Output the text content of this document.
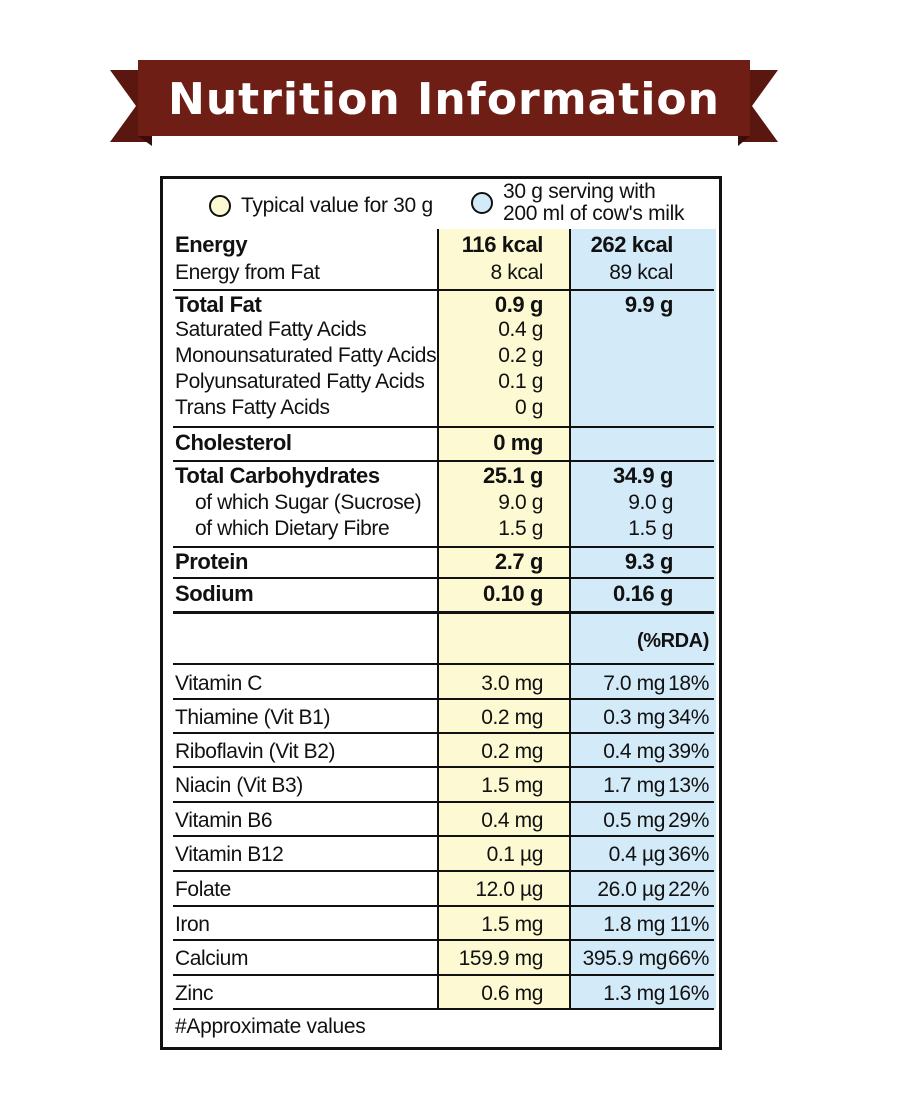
Nutrition Information
Typical value for 30 g
30 g serving with
200 ml of cow's milk
Energy	116 kcal	262 kcal
Energy from Fat	8 kcal	89 kcal
Total Fat	0.9 g	9.9 g
Saturated Fatty Acids	0.4 g
Monounsaturated Fatty Acids	0.2 g
Polyunsaturated Fatty Acids	0.1 g
Trans Fatty Acids	0 g
Cholesterol	0 mg
Total Carbohydrates	25.1 g	34.9 g
of which Sugar (Sucrose)	9.0 g	9.0 g
of which Dietary Fibre	1.5 g	1.5 g
Protein	2.7 g	9.3 g
Sodium	0.10 g	0.16 g
(%RDA)
Vitamin C	3.0 mg	7.0 mg 18%
Thiamine (Vit B1)	0.2 mg	0.3 mg 34%
Riboflavin (Vit B2)	0.2 mg	0.4 mg 39%
Niacin (Vit B3)	1.5 mg	1.7 mg 13%
Vitamin B6	0.4 mg	0.5 mg 29%
Vitamin B12	0.1 µg	0.4 µg 36%
Folate	12.0 µg	26.0 µg 22%
Iron	1.5 mg	1.8 mg 11%
Calcium	159.9 mg	395.9 mg 66%
Zinc	0.6 mg	1.3 mg 16%
#Approximate values
